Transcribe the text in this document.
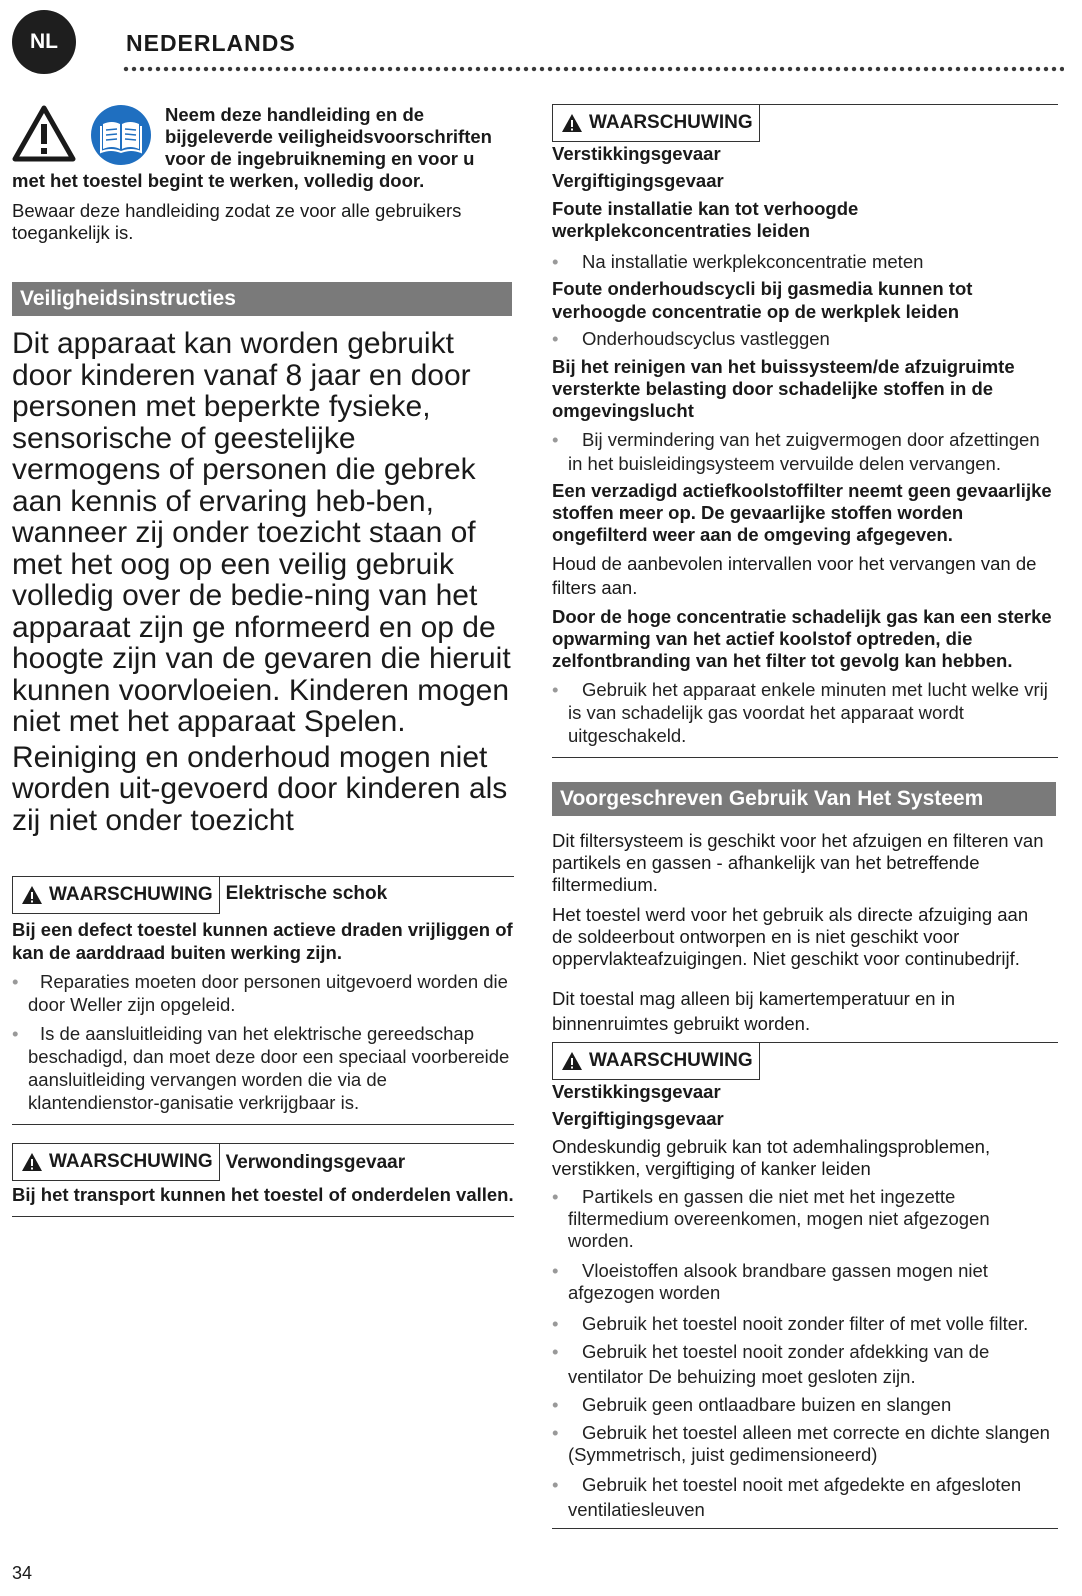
NL	NEDERLANDS
Neem deze handleiding en de
bijgeleverde veiligheidsvoorschriften
voor de ingebruikneming en voor u
met het toestel begint te werken, volledig door.
Bewaar deze handleiding zodat ze voor alle gebruikers toegankelijk is.
Veiligheidsinstructies
Dit apparaat kan worden gebruikt door kinderen vanaf 8 jaar en door personen met beperkte fysieke, sensorische of geestelijke vermogens of personen die gebrek aan kennis of ervaring heb-ben, wanneer zij onder toezicht staan of met het oog op een veilig gebruik volledig over de bedie-ning van het apparaat zijn ge nformeerd en op de hoogte zijn van de gevaren die hieruit kunnen voorvloeien. Kinderen mogen niet met het apparaat Spelen.
Reiniging en onderhoud mogen niet worden uit-gevoerd door kinderen als zij niet onder toezicht
WAARSCHUWING Elektrische schok
Bij een defect toestel kunnen actieve draden vrijliggen of kan de aarddraad buiten werking zijn.
• Reparaties moeten door personen uitgevoerd worden die door Weller zijn opgeleid.
• Is de aansluitleiding van het elektrische gereedschap beschadigd, dan moet deze door een speciaal voorbereide aansluitleiding vervangen worden die via de klantendienstor-ganisatie verkrijgbaar is.
WAARSCHUWING Verwondingsgevaar
Bij het transport kunnen het toestel of onderdelen vallen.
WAARSCHUWING
Verstikkingsgevaar
Vergiftigingsgevaar
Foute installatie kan tot verhoogde werkplekconcentraties leiden
• Na installatie werkplekconcentratie meten
Foute onderhoudscycli bij gasmedia kunnen tot verhoogde concentratie op de werkplek leiden
• Onderhoudscyclus vastleggen
Bij het reinigen van het buissysteem/de afzuigruimte versterkte belasting door schadelijke stoffen in de omgevingslucht
• Bij vermindering van het zuigvermogen door afzettingen in het buisleidingsysteem vervuilde delen vervangen.
Een verzadigd actiefkoolstoffilter neemt geen gevaarlijke stoffen meer op. De gevaarlijke stoffen worden ongefilterd weer aan de omgeving afgegeven.
Houd de aanbevolen intervallen voor het vervangen van de filters aan.
Door de hoge concentratie schadelijk gas kan een sterke opwarming van het actief koolstof optreden, die zelfontbranding van het filter tot gevolg kan hebben.
• Gebruik het apparaat enkele minuten met lucht welke vrij is van schadelijk gas voordat het apparaat wordt uitgeschakeld.
Voorgeschreven Gebruik Van Het Systeem
Dit filtersysteem is geschikt voor het afzuigen en filteren van partikels en gassen - afhankelijk van het betreffende filtermedium.
Het toestel werd voor het gebruik als directe afzuiging aan de soldeerbout ontworpen en is niet geschikt voor oppervlakteafzuigingen. Niet geschikt voor continubedrijf.
Dit toestal mag alleen bij kamertemperatuur en in binnenruimtes gebruikt worden.
WAARSCHUWING
Verstikkingsgevaar
Vergiftigingsgevaar
Ondeskundig gebruik kan tot ademhalingsproblemen, verstikken, vergiftiging of kanker leiden
• Partikels en gassen die niet met het ingezette filtermedium overeenkomen, mogen niet afgezogen worden.
• Vloeistoffen alsook brandbare gassen mogen niet afgezogen worden
• Gebruik het toestel nooit zonder filter of met volle filter.
• Gebruik het toestel nooit zonder afdekking van de ventilator De behuizing moet gesloten zijn.
• Gebruik geen ontlaadbare buizen en slangen
• Gebruik het toestel alleen met correcte en dichte slangen (Symmetrisch, juist gedimensioneerd)
• Gebruik het toestel nooit met afgedekte en afgesloten ventilatiesleuven
34
